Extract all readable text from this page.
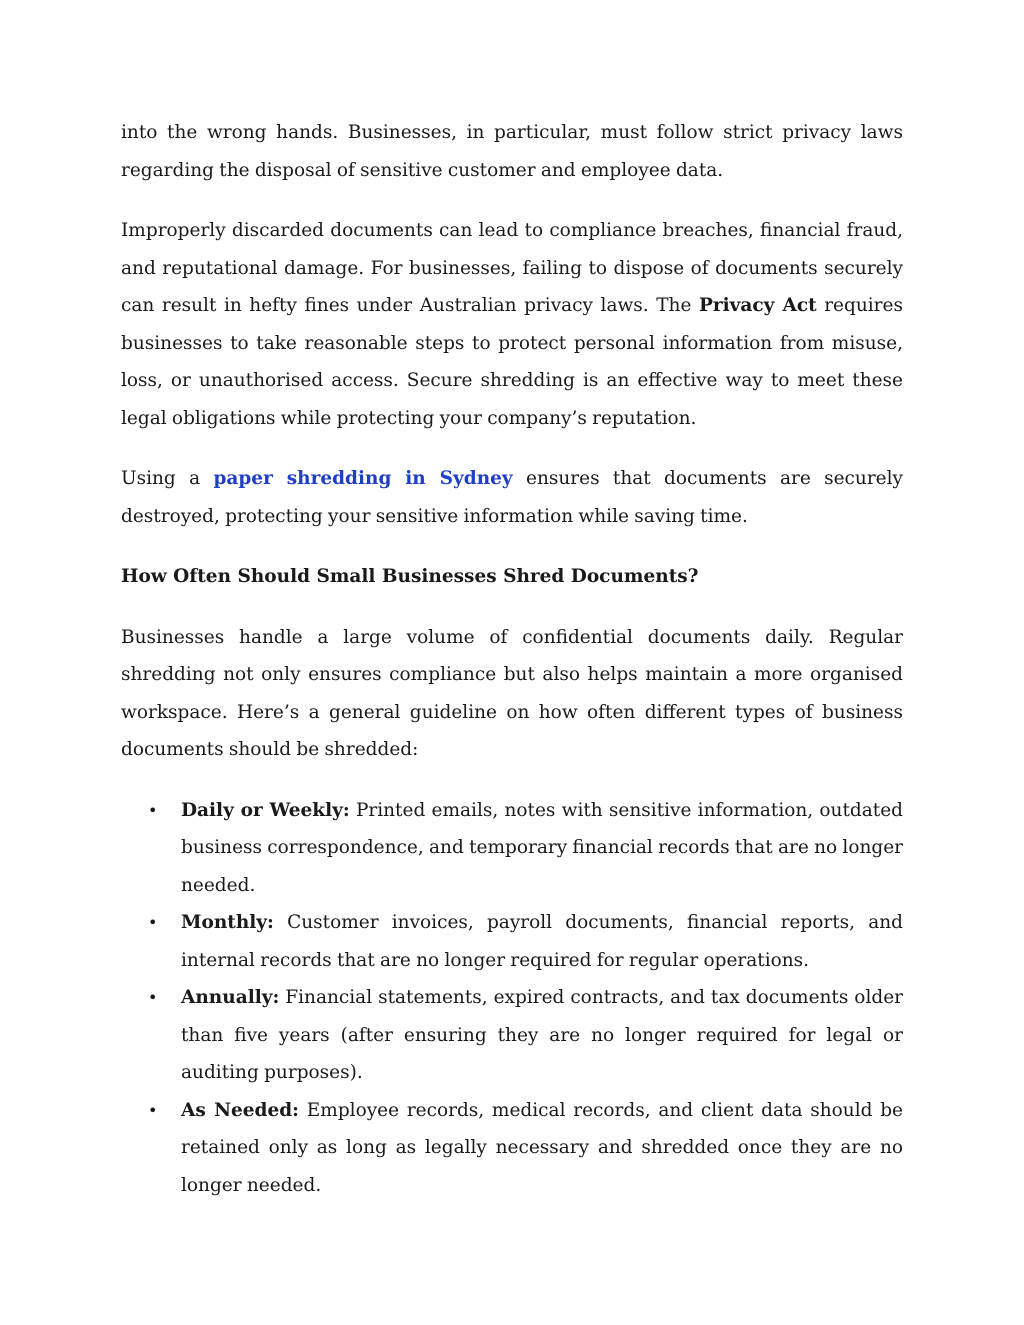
into the wrong hands. Businesses, in particular, must follow strict privacy laws regarding the disposal of sensitive customer and employee data.

Improperly discarded documents can lead to compliance breaches, financial fraud, and reputational damage. For businesses, failing to dispose of documents securely can result in hefty fines under Australian privacy laws. The Privacy Act requires businesses to take reasonable steps to protect personal information from misuse, loss, or unauthorised access. Secure shredding is an effective way to meet these legal obligations while protecting your company’s reputation.

Using a paper shredding in Sydney ensures that documents are securely destroyed, protecting your sensitive information while saving time.

How Often Should Small Businesses Shred Documents?

Businesses handle a large volume of confidential documents daily. Regular shredding not only ensures compliance but also helps maintain a more organised workspace. Here’s a general guideline on how often different types of business documents should be shredded:

• Daily or Weekly: Printed emails, notes with sensitive information, outdated business correspondence, and temporary financial records that are no longer needed.
• Monthly: Customer invoices, payroll documents, financial reports, and internal records that are no longer required for regular operations.
• Annually: Financial statements, expired contracts, and tax documents older than five years (after ensuring they are no longer required for legal or auditing purposes).
• As Needed: Employee records, medical records, and client data should be retained only as long as legally necessary and shredded once they are no longer needed.
